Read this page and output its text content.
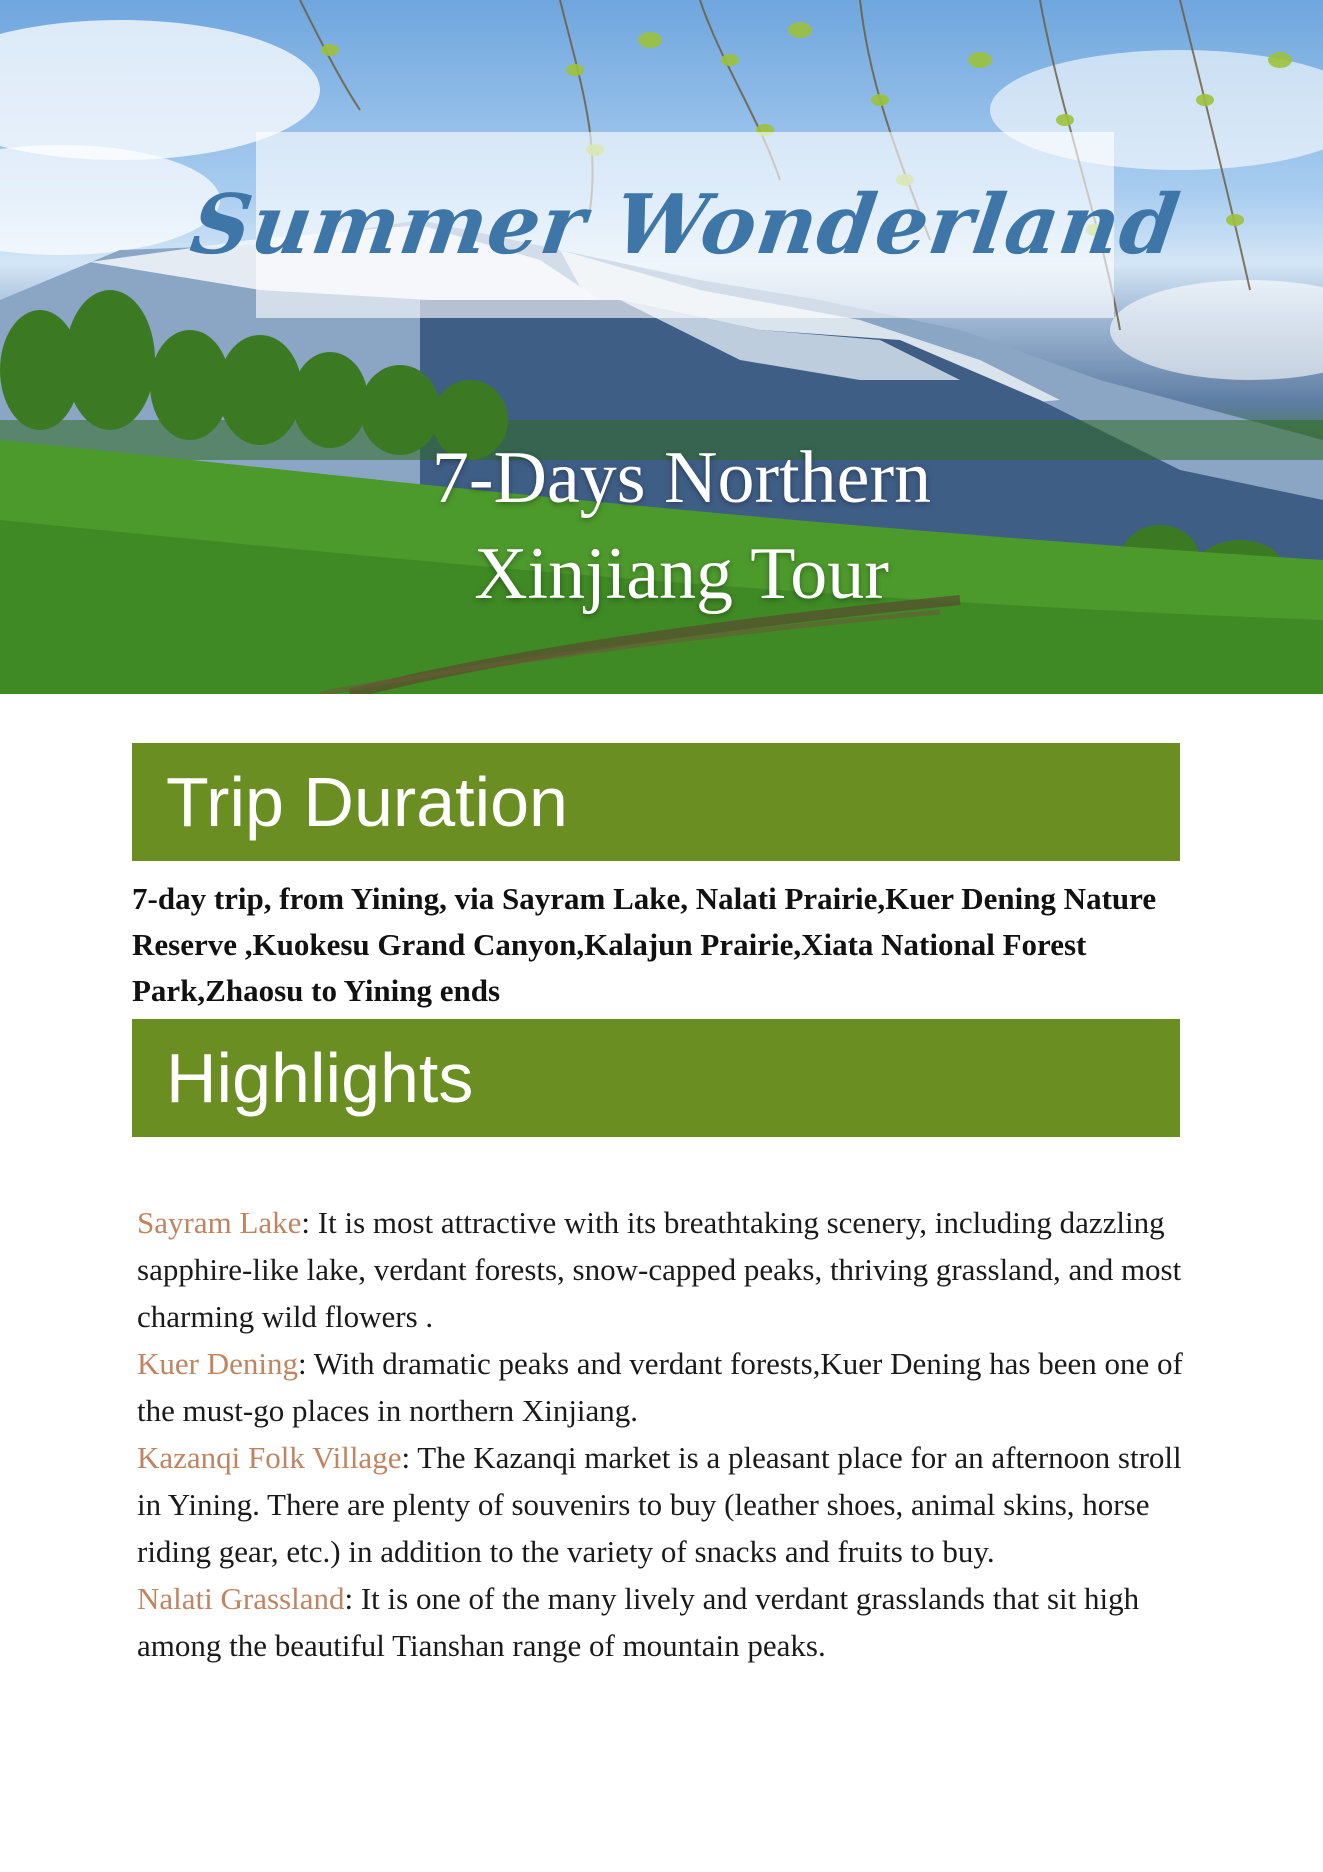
Summer Wonderland
7-Days Northern
Xinjiang Tour
Trip Duration
7-day trip, from Yining, via Sayram Lake, Nalati Prairie,Kuer Dening Nature Reserve ,Kuokesu Grand Canyon,Kalajun Prairie,Xiata National Forest Park,Zhaosu to Yining ends
Highlights

Sayram Lake: It is most attractive with its breathtaking scenery, including dazzling sapphire-like lake, verdant forests, snow-capped peaks, thriving grassland, and most charming wild flowers .

Kuer Dening: With dramatic peaks and verdant forests,Kuer Dening has been one of the must-go places in northern Xinjiang.

Kazanqi Folk Village: The Kazanqi market is a pleasant place for an afternoon stroll in Yining. There are plenty of souvenirs to buy (leather shoes, animal skins, horse riding gear, etc.) in addition to the variety of snacks and fruits to buy.

Nalati Grassland: It is one of the many lively and verdant grasslands that sit high among the beautiful Tianshan range of mountain peaks.
